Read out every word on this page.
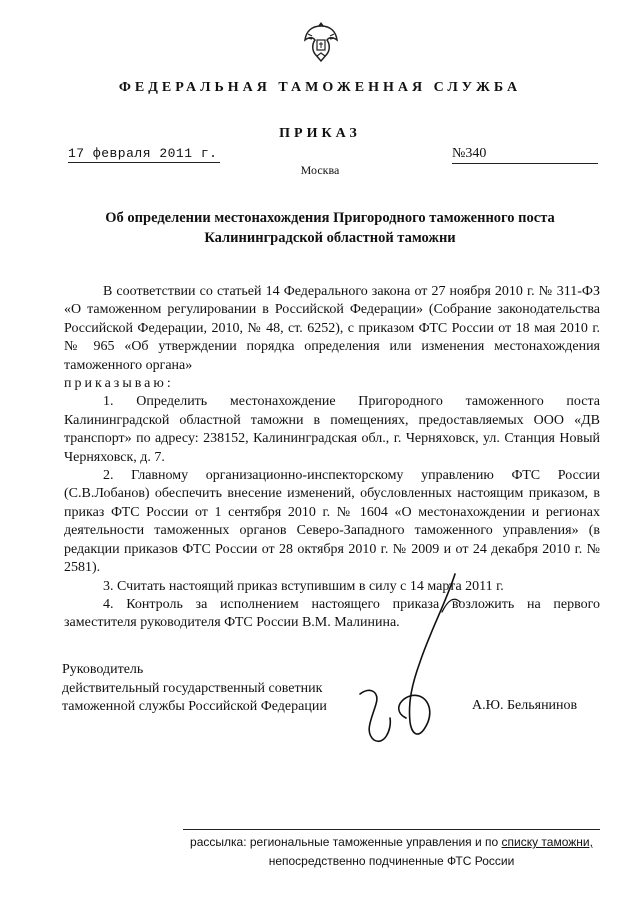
ФЕДЕРАЛЬНАЯ ТАМОЖЕННАЯ СЛУЖБА
ПРИКАЗ
17 февраля 2011 г.	№340
Москва
Об определении местонахождения Пригородного таможенного поста
Калининградской областной таможни

В соответствии со статьей 14 Федерального закона от 27 ноября 2010 г. № 311-ФЗ «О таможенном регулировании в Российской Федерации» (Собрание законодательства Российской Федерации, 2010, № 48, ст. 6252), с приказом ФТС России от 18 мая 2010 г. № 965 «Об утверждении порядка определения или изменения местонахождения таможенного органа»
приказываю:

1. Определить местонахождение Пригородного таможенного поста Калининградской областной таможни в помещениях, предоставляемых ООО «ДВ транспорт» по адресу: 238152, Калининградская обл., г. Черняховск, ул. Станция Новый Черняховск, д. 7.

2. Главному организационно-инспекторскому управлению ФТС России (С.В.Лобанов) обеспечить внесение изменений, обусловленных настоящим приказом, в приказ ФТС России от 1 сентября 2010 г. № 1604 «О местонахождении и регионах деятельности таможенных органов Северо-Западного таможенного управления» (в редакции приказов ФТС России от 28 октября 2010 г. № 2009 и от 24 декабря 2010 г. № 2581).

3. Считать настоящий приказ вступившим в силу с 14 марта 2011 г.

4. Контроль за исполнением настоящего приказа возложить на первого заместителя руководителя ФТС России В.М. Малинина.

Руководитель
действительный государственный советник
таможенной службы Российской Федерации	А.Ю. Бельянинов
рассылка: региональные таможенные управления и по списку таможни,
непосредственно подчиненные ФТС России
